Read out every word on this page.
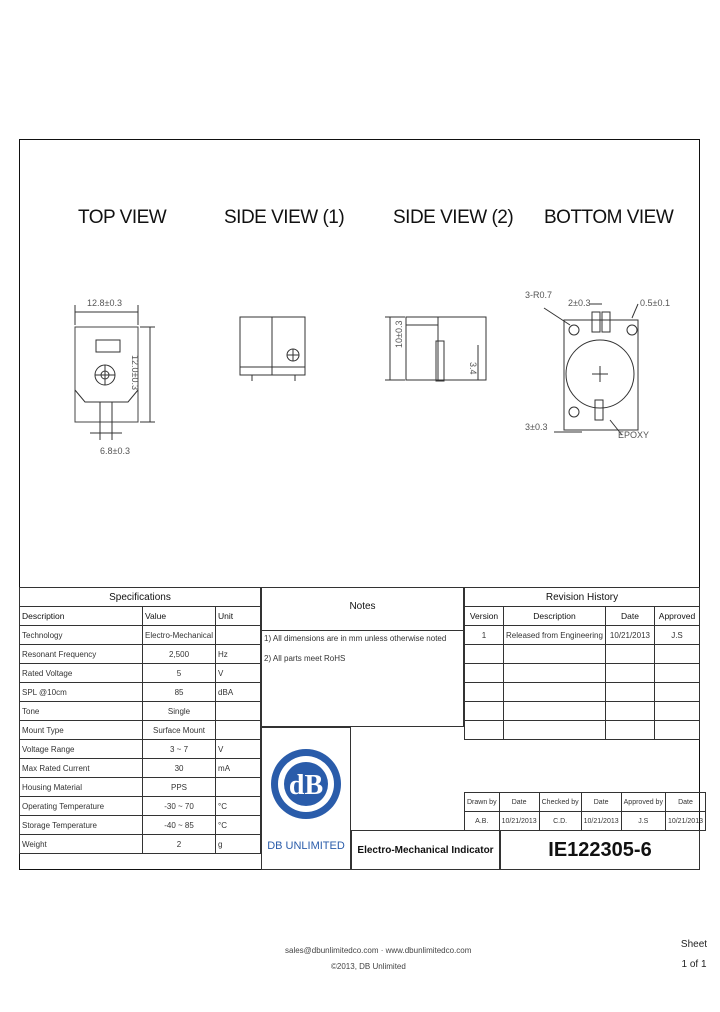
TOP VIEW	SIDE VIEW (1)	SIDE VIEW (2) BOTTOM VIEW
12.8±0.3
12.0±0.3
6.8±0.3
10±0.3
3.4
3-R0.7
2±0.3	0.5±0.1
3±0.3
EPOXY
Specifications		
Description	Value	Unit
Technology	Electro-Mechanical	
Resonant Frequency	2,500	Hz
Rated Voltage	5	V
SPL @10cm	85	dBA
Tone	Single	
Mount Type	Surface Mount	
Voltage Range	3 ~ 7	V
Max Rated Current	30	mA
Housing Material	PPS	
Operating Temperature	-30 ~ 70	°C
Storage Temperature	-40 ~ 85	°C
Weight	2	g
Notes
1) All dimensions are in mm unless otherwise noted
2) All parts meet RoHS
dB
DB UNLIMITED
Revision History			
Version	Description	Date	Approved
1	Released from Engineering	10/21/2013	J.S

Drawn by	Date	Checked by	Date	Approved by	Date
A.B.	10/21/2013	C.D.	10/21/2013	J.S	10/21/2013
Electro-Mechanical Indicator	IE122305-6
sales@dbunlimitedco.com · www.dbunlimitedco.com
©2013, DB Unlimited
Sheet
1 of 1
